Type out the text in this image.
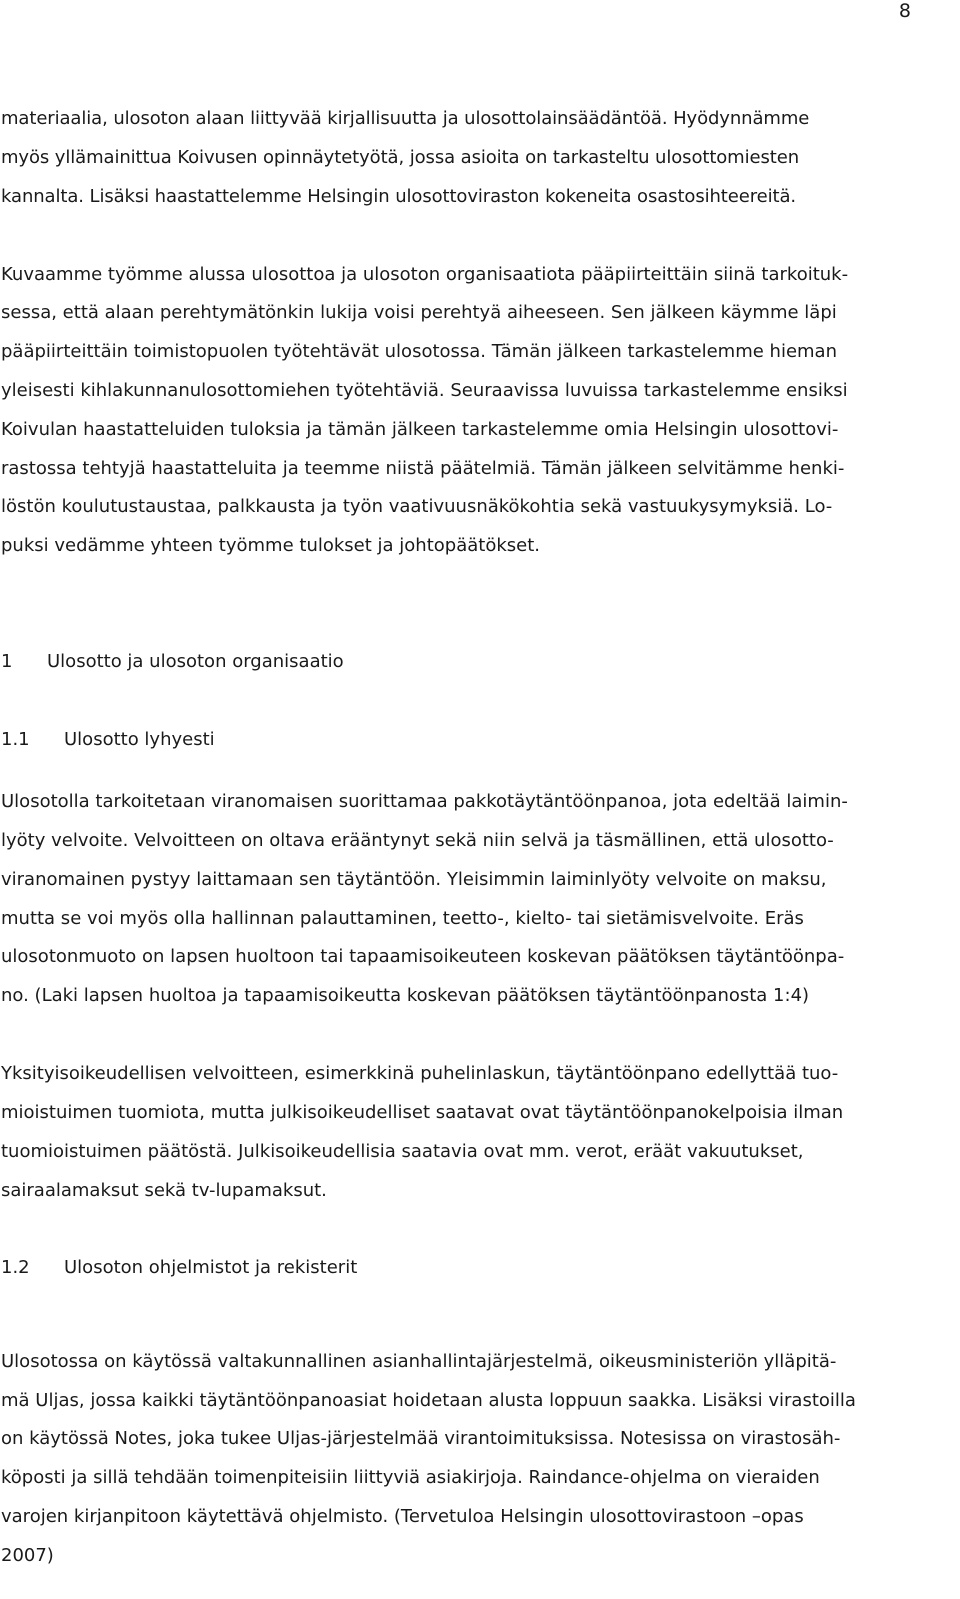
8
materiaalia, ulosoton alaan liittyvää kirjallisuutta ja ulosottolainsäädäntöä. Hyödynnämme
myös yllämainittua Koivusen opinnäytetyötä, jossa asioita on tarkasteltu ulosottomiesten
kannalta. Lisäksi haastattelemme Helsingin ulosottoviraston kokeneita osastosihteereitä.
Kuvaamme työmme alussa ulosottoa ja ulosoton organisaatiota pääpiirteittäin siinä tarkoituk-
sessa, että alaan perehtymätönkin lukija voisi perehtyä aiheeseen. Sen jälkeen käymme läpi
pääpiirteittäin toimistopuolen työtehtävät ulosotossa. Tämän jälkeen tarkastelemme hieman
yleisesti kihlakunnanulosottomiehen työtehtäviä. Seuraavissa luvuissa tarkastelemme ensiksi
Koivulan haastatteluiden tuloksia ja tämän jälkeen tarkastelemme omia Helsingin ulosottovi-
rastossa tehtyjä haastatteluita ja teemme niistä päätelmiä. Tämän jälkeen selvitämme henki-
löstön koulutustaustaa, palkkausta ja työn vaativuusnäkökohtia sekä vastuukysymyksiä. Lo-
puksi vedämme yhteen työmme tulokset ja johtopäätökset.
1 Ulosotto ja ulosoton organisaatio
1.1 Ulosotto lyhyesti
Ulosotolla tarkoitetaan viranomaisen suorittamaa pakkotäytäntöönpanoa, jota edeltää laimin-
lyöty velvoite. Velvoitteen on oltava erääntynyt sekä niin selvä ja täsmällinen, että ulosotto-
viranomainen pystyy laittamaan sen täytäntöön. Yleisimmin laiminlyöty velvoite on maksu,
mutta se voi myös olla hallinnan palauttaminen, teetto-, kielto- tai sietämisvelvoite. Eräs
ulosotonmuoto on lapsen huoltoon tai tapaamisoikeuteen koskevan päätöksen täytäntöönpa-
no. (Laki lapsen huoltoa ja tapaamisoikeutta koskevan päätöksen täytäntöönpanosta 1:4)
Yksityisoikeudellisen velvoitteen, esimerkkinä puhelinlaskun, täytäntöönpano edellyttää tuo-
mioistuimen tuomiota, mutta julkisoikeudelliset saatavat ovat täytäntöönpanokelpoisia ilman
tuomioistuimen päätöstä. Julkisoikeudellisia saatavia ovat mm. verot, eräät vakuutukset,
sairaalamaksut sekä tv-lupamaksut.
1.2 Ulosoton ohjelmistot ja rekisterit
Ulosotossa on käytössä valtakunnallinen asianhallintajärjestelmä, oikeusministeriön ylläpitä-
mä Uljas, jossa kaikki täytäntöönpanoasiat hoidetaan alusta loppuun saakka. Lisäksi virastoilla
on käytössä Notes, joka tukee Uljas-järjestelmää virantoimituksissa. Notesissa on virastosäh-
köposti ja sillä tehdään toimenpiteisiin liittyviä asiakirjoja. Raindance-ohjelma on vieraiden
varojen kirjanpitoon käytettävä ohjelmisto. (Tervetuloa Helsingin ulosottovirastoon –opas
2007)
